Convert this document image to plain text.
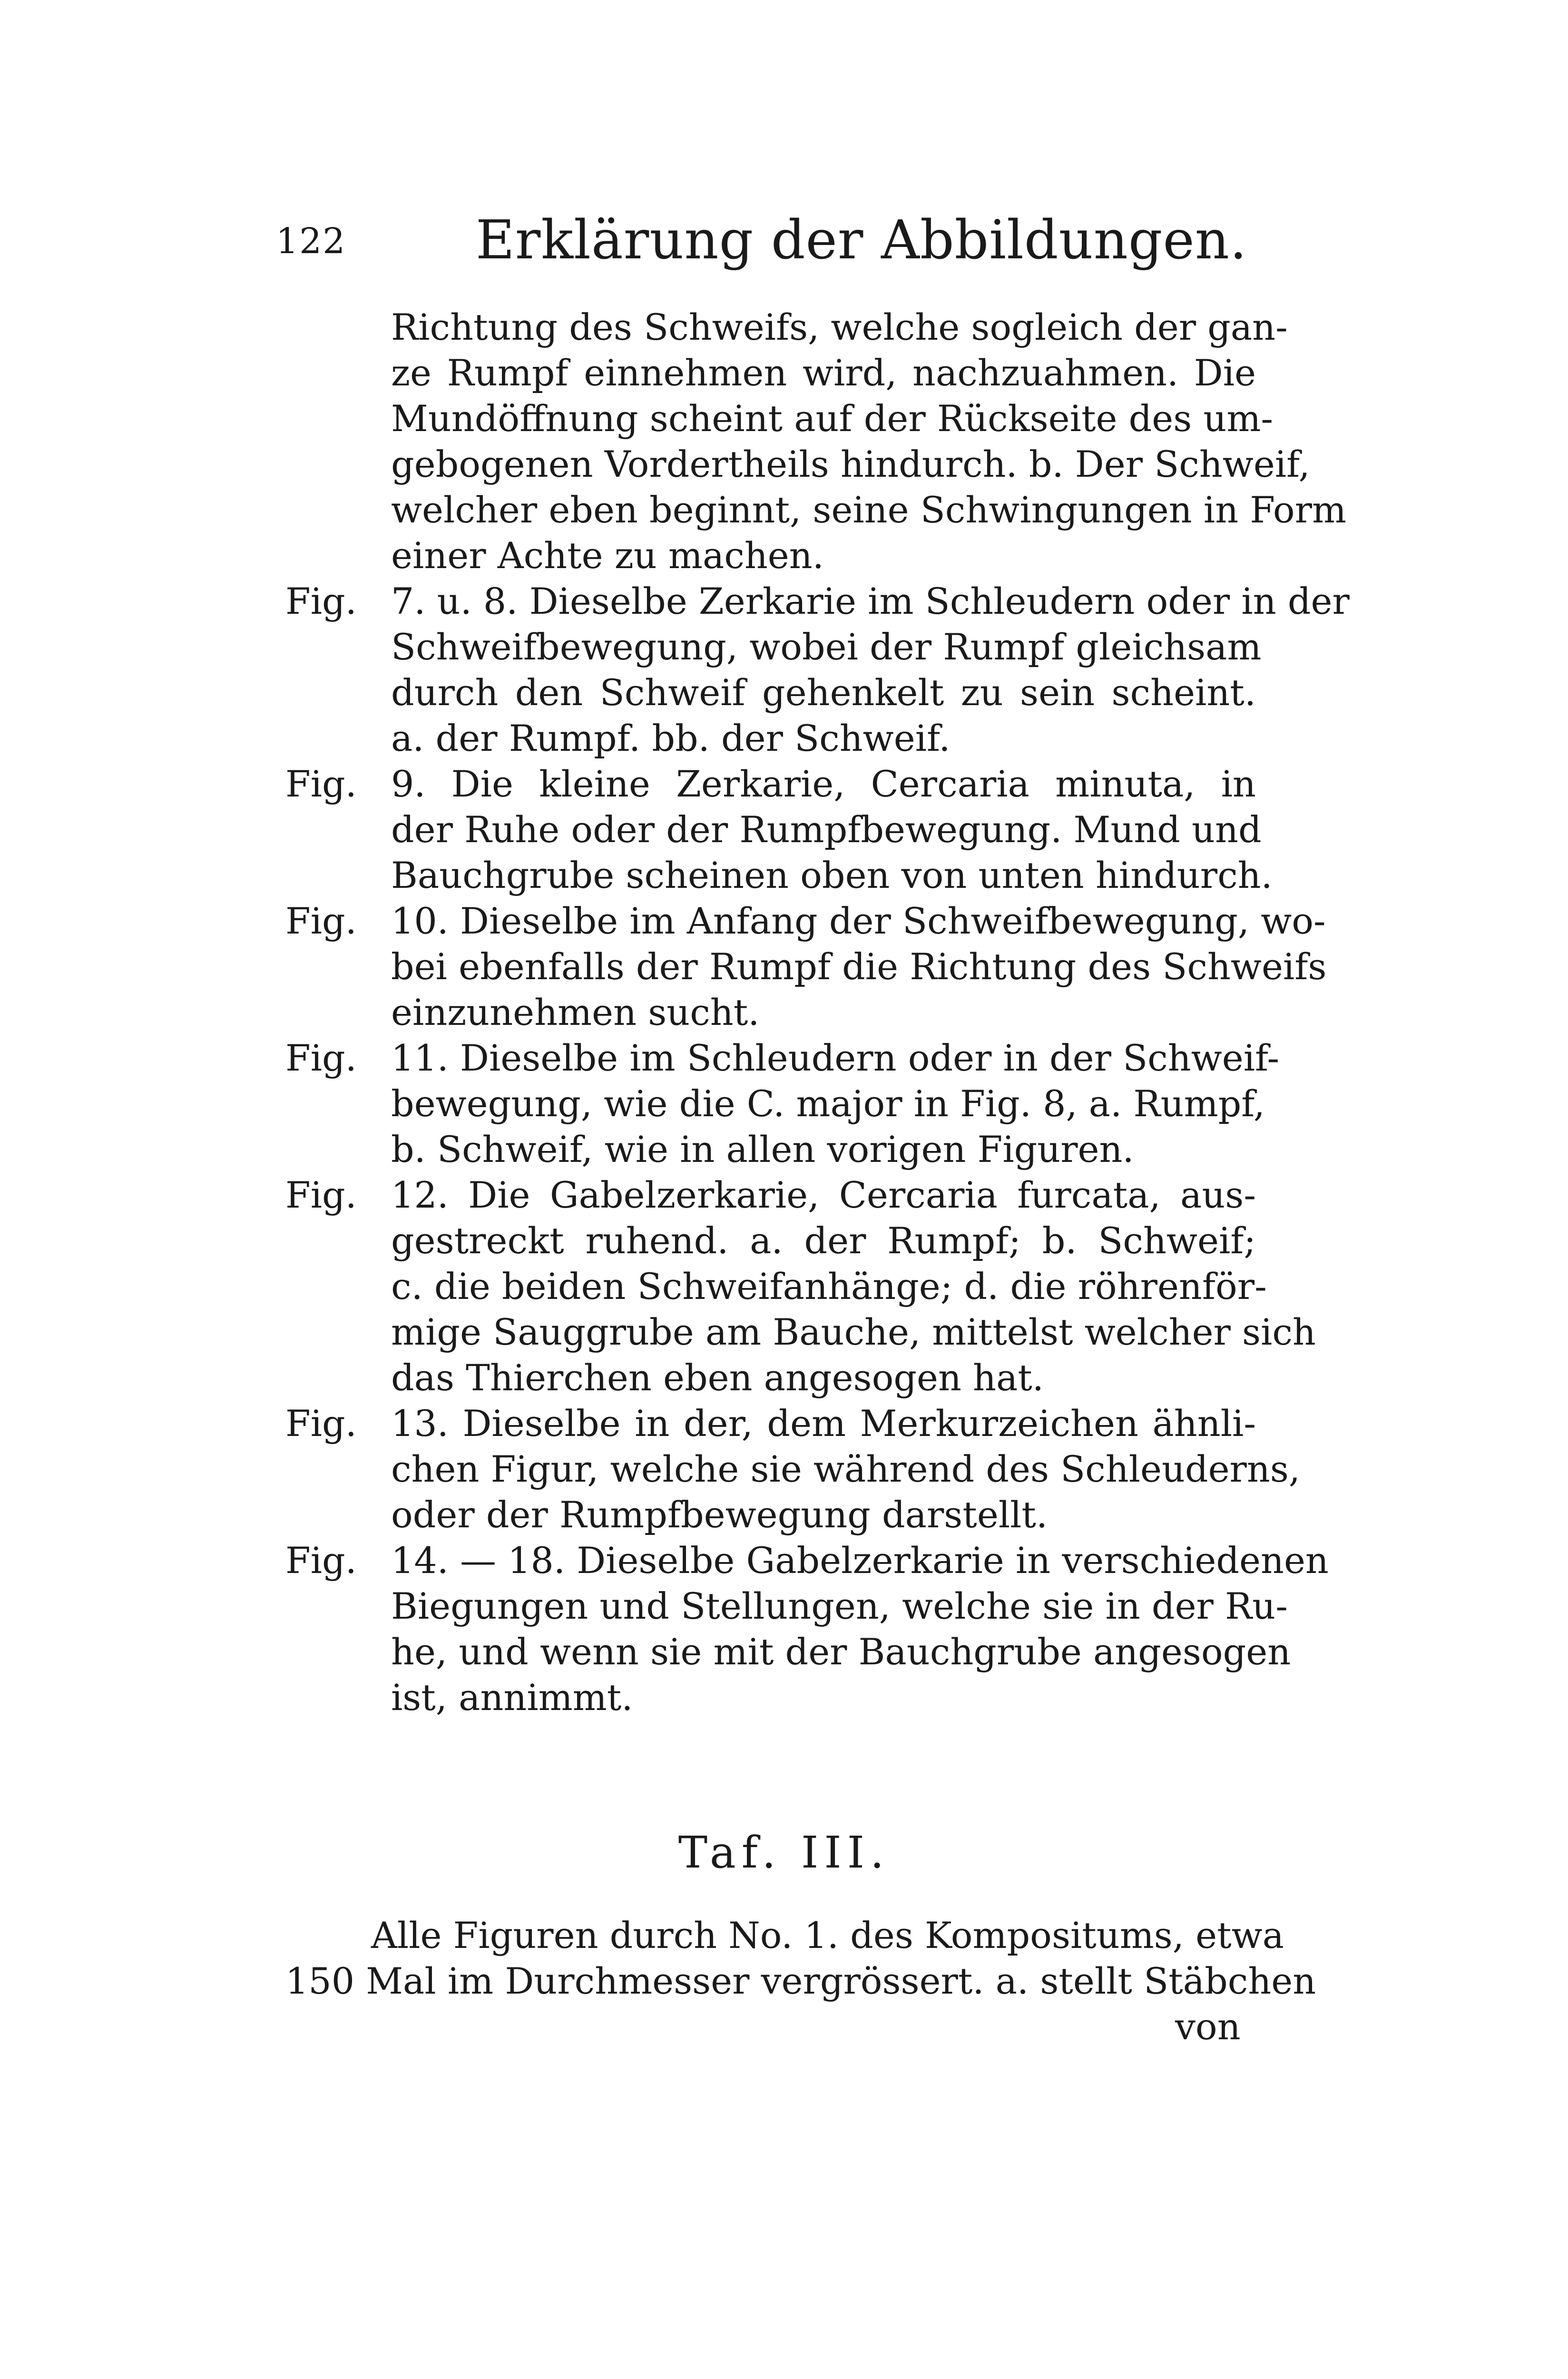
122 Erklärung der Abbildungen.
Richtung des Schweifs, welche sogleich der gan-
ze Rumpf einnehmen wird, nachzuahmen. Die
Mundöffnung scheint auf der Rückseite des um-
gebogenen Vordertheils hindurch. b. Der Schweif,
welcher eben beginnt, seine Schwingungen in Form
einer Achte zu machen.
Fig. 7. u. 8. Dieselbe Zerkarie im Schleudern oder in der
Schweifbewegung, wobei der Rumpf gleichsam
durch den Schweif gehenkelt zu sein scheint.
a. der Rumpf. bb. der Schweif.
Fig. 9. Die kleine Zerkarie, Cercaria minuta, in
der Ruhe oder der Rumpfbewegung. Mund und
Bauchgrube scheinen oben von unten hindurch.
Fig. 10. Dieselbe im Anfang der Schweifbewegung, wo-
bei ebenfalls der Rumpf die Richtung des Schweifs
einzunehmen sucht.
Fig. 11. Dieselbe im Schleudern oder in der Schweif-
bewegung, wie die C. major in Fig. 8, a. Rumpf,
b. Schweif, wie in allen vorigen Figuren.
Fig. 12. Die Gabelzerkarie, Cercaria furcata, aus-
gestreckt ruhend. a. der Rumpf; b. Schweif;
c. die beiden Schweifanhänge; d. die röhrenför-
mige Sauggrube am Bauche, mittelst welcher sich
das Thierchen eben angesogen hat.
Fig. 13. Dieselbe in der, dem Merkurzeichen ähnli-
chen Figur, welche sie während des Schleuderns,
oder der Rumpfbewegung darstellt.
Fig. 14. — 18. Dieselbe Gabelzerkarie in verschiedenen
Biegungen und Stellungen, welche sie in der Ru-
he, und wenn sie mit der Bauchgrube angesogen
ist, annimmt.
Taf. III.
Alle Figuren durch No. 1. des Kompositums, etwa
150 Mal im Durchmesser vergrössert. a. stellt Stäbchen
von
